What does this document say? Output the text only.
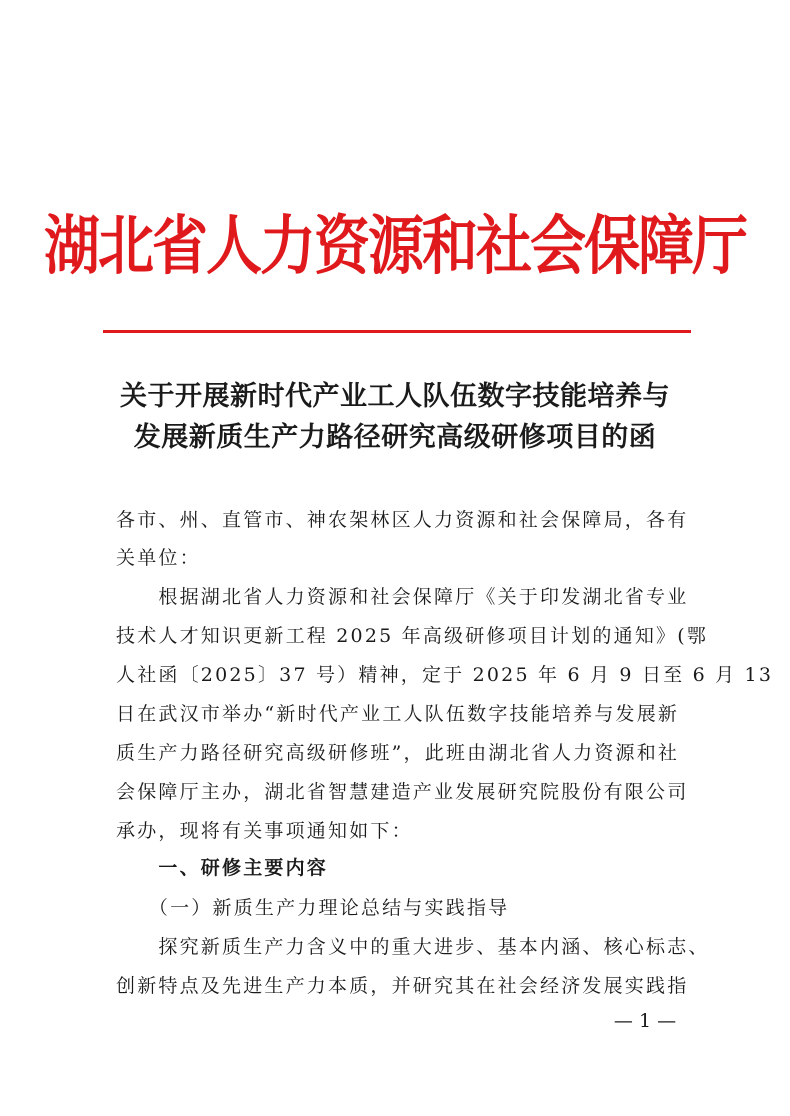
湖北省人力资源和社会保障厅
关于开展新时代产业工人队伍数字技能培养与
发展新质生产力路径研究高级研修项目的函
各市、州、直管市、神农架林区人力资源和社会保障局，各有
关单位：
　　根据湖北省人力资源和社会保障厅《关于印发湖北省专业
技术人才知识更新工程 2025 年高级研修项目计划的通知》(鄂
人社函〔2025〕37 号）精神，定于 2025 年 6 月 9 日至 6 月 13
日在武汉市举办“新时代产业工人队伍数字技能培养与发展新
质生产力路径研究高级研修班”，此班由湖北省人力资源和社
会保障厅主办，湖北省智慧建造产业发展研究院股份有限公司
承办，现将有关事项通知如下：
　　一、研修主要内容
　　（一）新质生产力理论总结与实践指导
　　探究新质生产力含义中的重大进步、基本内涵、核心标志、
创新特点及先进生产力本质，并研究其在社会经济发展实践指
— 1 —
